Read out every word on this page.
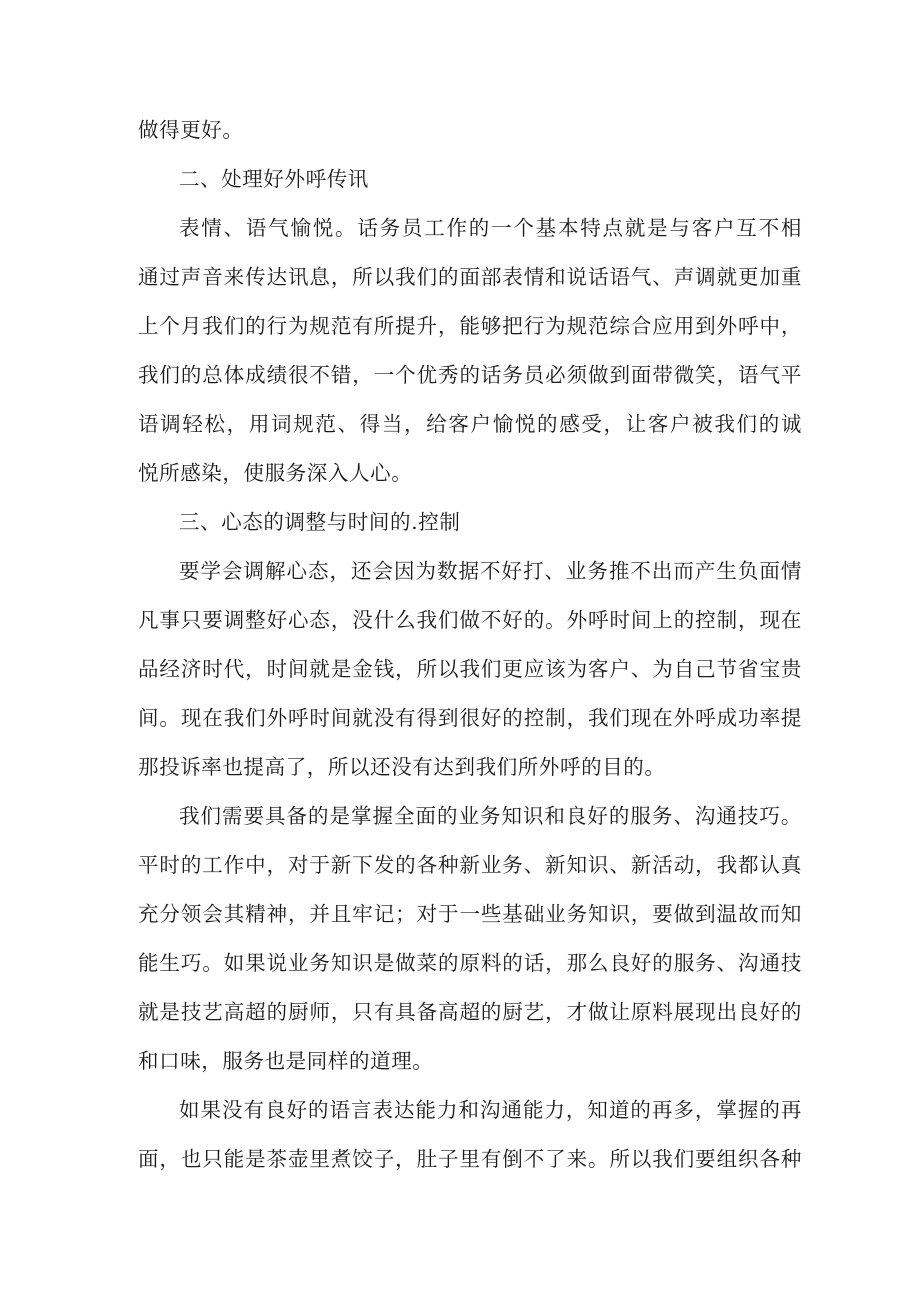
做得更好。
二、处理好外呼传讯
表情、语气愉悦。话务员工作的一个基本特点就是与客户互不相
通过声音来传达讯息，所以我们的面部表情和说话语气、声调就更加重
上个月我们的行为规范有所提升，能够把行为规范综合应用到外呼中，
我们的总体成绩很不错，一个优秀的话务员必须做到面带微笑，语气平
语调轻松，用词规范、得当，给客户愉悦的感受，让客户被我们的诚
悦所感染，使服务深入人心。
三、心态的调整与时间的.控制
要学会调解心态，还会因为数据不好打、业务推不出而产生负面情
凡事只要调整好心态，没什么我们做不好的。外呼时间上的控制，现在
品经济时代，时间就是金钱，所以我们更应该为客户、为自己节省宝贵
间。现在我们外呼时间就没有得到很好的控制，我们现在外呼成功率提
那投诉率也提高了，所以还没有达到我们所外呼的目的。
我们需要具备的是掌握全面的业务知识和良好的服务、沟通技巧。
平时的工作中，对于新下发的各种新业务、新知识、新活动，我都认真
充分领会其精神，并且牢记；对于一些基础业务知识，要做到温故而知
能生巧。如果说业务知识是做菜的原料的话，那么良好的服务、沟通技
就是技艺高超的厨师，只有具备高超的厨艺，才做让原料展现出良好的
和口味，服务也是同样的道理。
如果没有良好的语言表达能力和沟通能力，知道的再多，掌握的再
面，也只能是茶壶里煮饺子，肚子里有倒不了来。所以我们要组织各种
